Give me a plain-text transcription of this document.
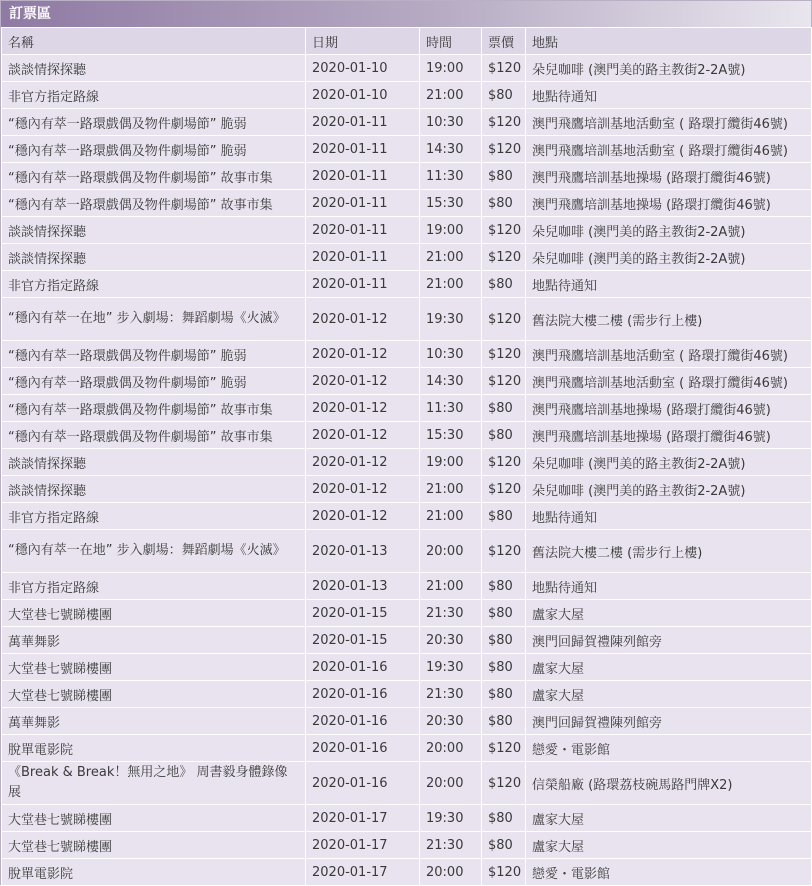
訂票區
名稱	日期	時間	票價	地點
談談情探探聽	2020-01-10	19:00	$120	朵兒咖啡 (澳門美的路主教街2-2A號)
非官方指定路線	2020-01-10	21:00	$80	地點待通知
“穩內有萃一路環戲偶及物件劇場節” 脆弱	2020-01-11	10:30	$120	澳門飛鷹培訓基地活動室 ( 路環打纜街46號)
“穩內有萃一路環戲偶及物件劇場節” 脆弱	2020-01-11	14:30	$120	澳門飛鷹培訓基地活動室 ( 路環打纜街46號)
“穩內有萃一路環戲偶及物件劇場節” 故事市集	2020-01-11	11:30	$80	澳門飛鷹培訓基地操場 (路環打纜街46號)
“穩內有萃一路環戲偶及物件劇場節” 故事市集	2020-01-11	15:30	$80	澳門飛鷹培訓基地操場 (路環打纜街46號)
談談情探探聽	2020-01-11	19:00	$120	朵兒咖啡 (澳門美的路主教街2-2A號)
談談情探探聽	2020-01-11	21:00	$120	朵兒咖啡 (澳門美的路主教街2-2A號)
非官方指定路線	2020-01-11	21:00	$80	地點待通知
“穩內有萃一在地” 步入劇場：舞蹈劇場《火滅》	2020-01-12	19:30	$120	舊法院大樓二樓 (需步行上樓)
“穩內有萃一路環戲偶及物件劇場節” 脆弱	2020-01-12	10:30	$120	澳門飛鷹培訓基地活動室 ( 路環打纜街46號)
“穩內有萃一路環戲偶及物件劇場節” 脆弱	2020-01-12	14:30	$120	澳門飛鷹培訓基地活動室 ( 路環打纜街46號)
“穩內有萃一路環戲偶及物件劇場節” 故事市集	2020-01-12	11:30	$80	澳門飛鷹培訓基地操場 (路環打纜街46號)
“穩內有萃一路環戲偶及物件劇場節” 故事市集	2020-01-12	15:30	$80	澳門飛鷹培訓基地操場 (路環打纜街46號)
談談情探探聽	2020-01-12	19:00	$120	朵兒咖啡 (澳門美的路主教街2-2A號)
談談情探探聽	2020-01-12	21:00	$120	朵兒咖啡 (澳門美的路主教街2-2A號)
非官方指定路線	2020-01-12	21:00	$80	地點待通知
“穩內有萃一在地” 步入劇場：舞蹈劇場《火滅》	2020-01-13	20:00	$120	舊法院大樓二樓 (需步行上樓)
非官方指定路線	2020-01-13	21:00	$80	地點待通知
大堂巷七號睇樓團	2020-01-15	21:30	$80	盧家大屋
萬華舞影	2020-01-15	20:30	$80	澳門回歸賀禮陳列館旁
大堂巷七號睇樓團	2020-01-16	19:30	$80	盧家大屋
大堂巷七號睇樓團	2020-01-16	21:30	$80	盧家大屋
萬華舞影	2020-01-16	20:30	$80	澳門回歸賀禮陳列館旁
脫單電影院	2020-01-16	20:00	$120	戀愛・電影館
《Break & Break！無用之地》 周書毅身體錄像展	2020-01-16	20:00	$120	信榮船廠 (路環荔枝碗馬路門牌X2)
大堂巷七號睇樓團	2020-01-17	19:30	$80	盧家大屋
大堂巷七號睇樓團	2020-01-17	21:30	$80	盧家大屋
脫單電影院	2020-01-17	20:00	$120	戀愛・電影館
